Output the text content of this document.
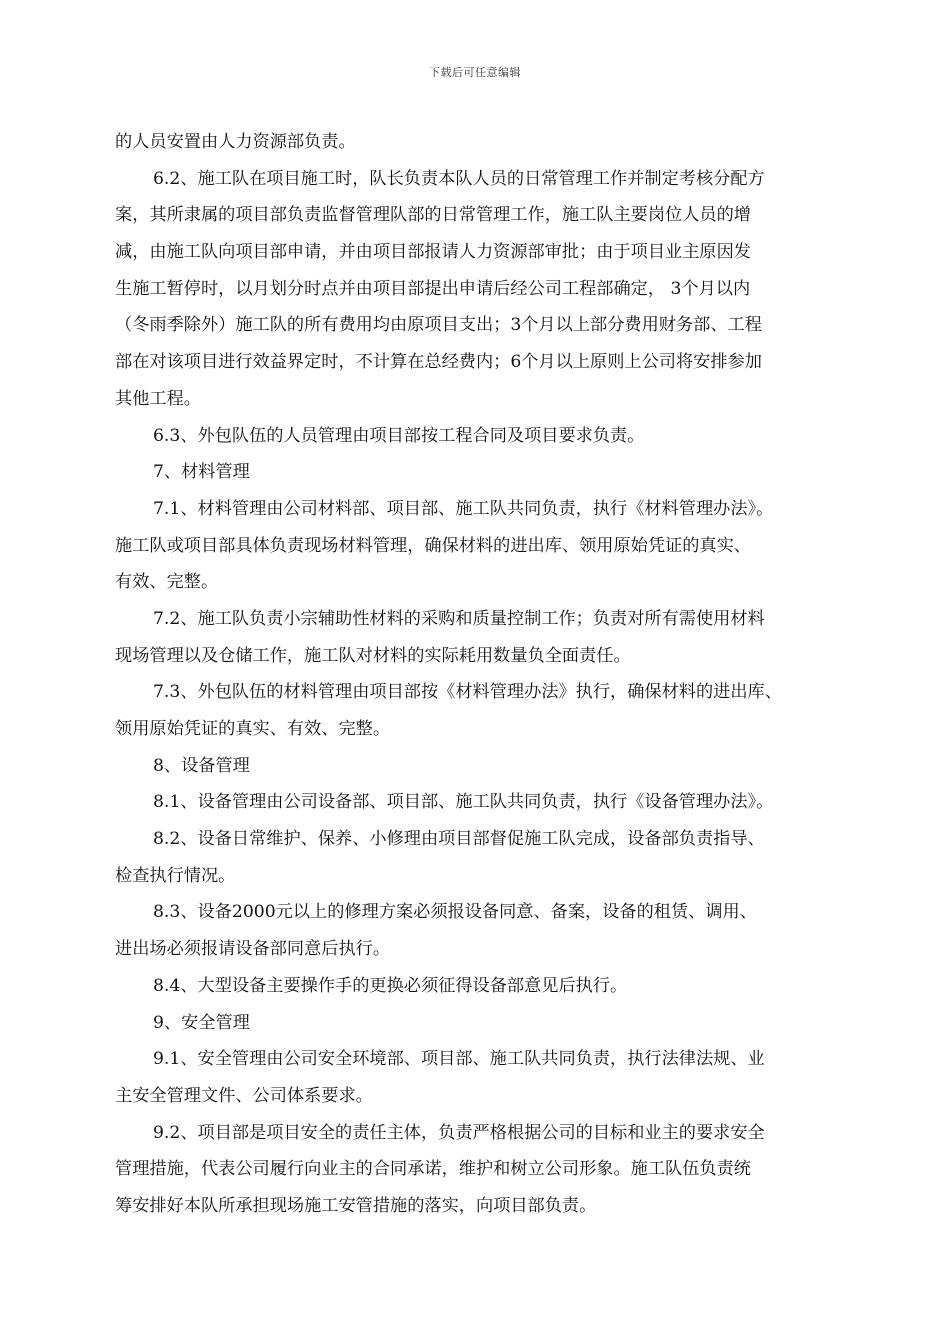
下载后可任意编辑
的人员安置由人力资源部负责。
6.2、施工队在项目施工时，队长负责本队人员的日常管理工作并制定考核分配方
案，其所隶属的项目部负责监督管理队部的日常管理工作，施工队主要岗位人员的增
减，由施工队向项目部申请，并由项目部报请人力资源部审批；由于项目业主原因发
生施工暂停时，以月划分时点并由项目部提出申请后经公司工程部确定， 3个月以内
（冬雨季除外）施工队的所有费用均由原项目支出；3个月以上部分费用财务部、工程
部在对该项目进行效益界定时，不计算在总经费内；6个月以上原则上公司将安排参加
其他工程。
6.3、外包队伍的人员管理由项目部按工程合同及项目要求负责。
7、材料管理
7.1、材料管理由公司材料部、项目部、施工队共同负责，执行《材料管理办法》。
施工队或项目部具体负责现场材料管理，确保材料的进出库、领用原始凭证的真实、
有效、完整。
7.2、施工队负责小宗辅助性材料的采购和质量控制工作；负责对所有需使用材料
现场管理以及仓储工作，施工队对材料的实际耗用数量负全面责任。
7.3、外包队伍的材料管理由项目部按《材料管理办法》执行，确保材料的进出库、
领用原始凭证的真实、有效、完整。
8、设备管理
8.1、设备管理由公司设备部、项目部、施工队共同负责，执行《设备管理办法》。
8.2、设备日常维护、保养、小修理由项目部督促施工队完成，设备部负责指导、
检查执行情况。
8.3、设备2000元以上的修理方案必须报设备同意、备案，设备的租赁、调用、
进出场必须报请设备部同意后执行。
8.4、大型设备主要操作手的更换必须征得设备部意见后执行。
9、安全管理
9.1、安全管理由公司安全环境部、项目部、施工队共同负责，执行法律法规、业
主安全管理文件、公司体系要求。
9.2、项目部是项目安全的责任主体，负责严格根据公司的目标和业主的要求安全
管理措施，代表公司履行向业主的合同承诺，维护和树立公司形象。施工队伍负责统
筹安排好本队所承担现场施工安管措施的落实，向项目部负责。
